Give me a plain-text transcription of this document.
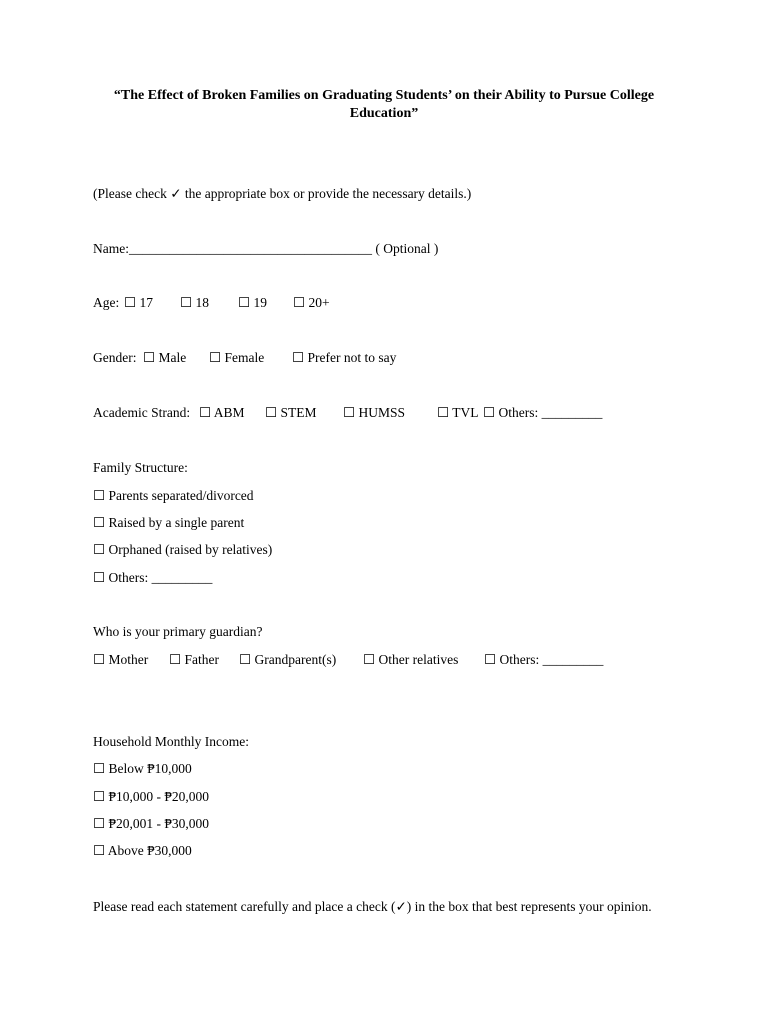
“The Effect of Broken Families on Graduating Students’ on their Ability to Pursue College Education”
(Please check ✓ the appropriate box or provide the necessary details.)
Name:____________________________________ ( Optional )
Age: ☐ 17 ☐ 18 ☐ 19 ☐ 20+
Gender: ☐ Male ☐ Female ☐ Prefer not to say
Academic Strand: ☐ ABM ☐ STEM ☐ HUMSS ☐ TVL ☐ Others: _________
Family Structure:
☐ Parents separated/divorced
☐ Raised by a single parent
☐ Orphaned (raised by relatives)
☐ Others: _________
Who is your primary guardian?
☐ Mother ☐ Father ☐ Grandparent(s) ☐ Other relatives ☐ Others: _________
Household Monthly Income:
☐ Below ₱10,000
☐ ₱10,000 - ₱20,000
☐ ₱20,001 - ₱30,000
☐ Above ₱30,000
Please read each statement carefully and place a check (✓) in the box that best represents your opinion.
